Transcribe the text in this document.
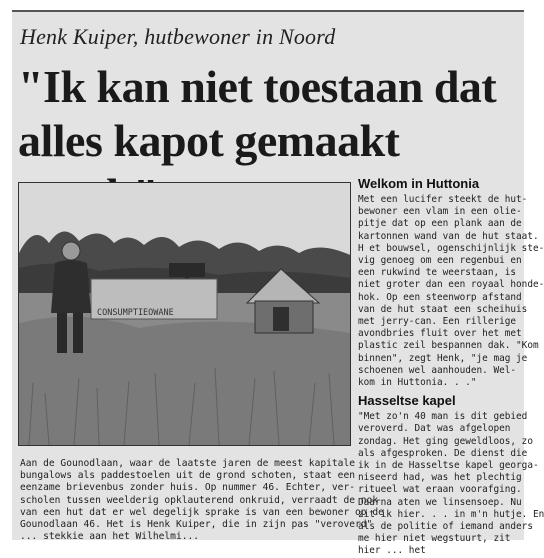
Henk Kuiper, hutbewoner in Noord
"Ik kan niet toestaan dat
alles kapot gemaakt
CONSUMPTIEOWANE
Aan de Gounodlaan, waar de laatste jaren de meest kapitale
bungalows als paddestoelen uit de grond schoten, staat een
eenzame brievenbus zonder huis. Op nummer 46. Echter, ver-
scholen tussen weelderig opklauterend onkruid, verraadt de nok
van een hut dat er wel degelijk sprake is van een bewoner op de
Gounodlaan 46. Het is Henk Kuiper, die in zijn pas "veroverd"
... stekkie aan het Wilhelmi...
Welkom in Huttonia
Met een lucifer steekt de hut-
bewoner een vlam in een olie-
pitje dat op een plank aan de
kartonnen wand van de hut staat.
H et bouwsel, ogenschijnlijk ste-
vig genoeg om een regenbui en
een rukwind te weerstaan, is
niet groter dan een royaal honde-
hok. Op een steenworp afstand
van de hut staat een scheihuis
met jerry-can. Een rillerige
avondbries fluit over het met
plastic zeil bespannen dak. "Kom
binnen", zegt Henk, "je mag je
schoenen wel aanhouden. Wel-
kom in Huttonia. . ."
Hasseltse kapel
"Met zo'n 40 man is dit gebied
veroverd. Dat was afgelopen
zondag. Het ging geweldloos, zo
als afgesproken. De dienst die
ik in de Hasseltse kapel georga-
niseerd had, was het plechtig
ritueel wat eraan voorafging.
Daarna aten we linsensoep. Nu
zit ik hier. . . in m'n hutje. En
als de politie of iemand anders
me hier niet wegstuurt, zit
hier ... het
